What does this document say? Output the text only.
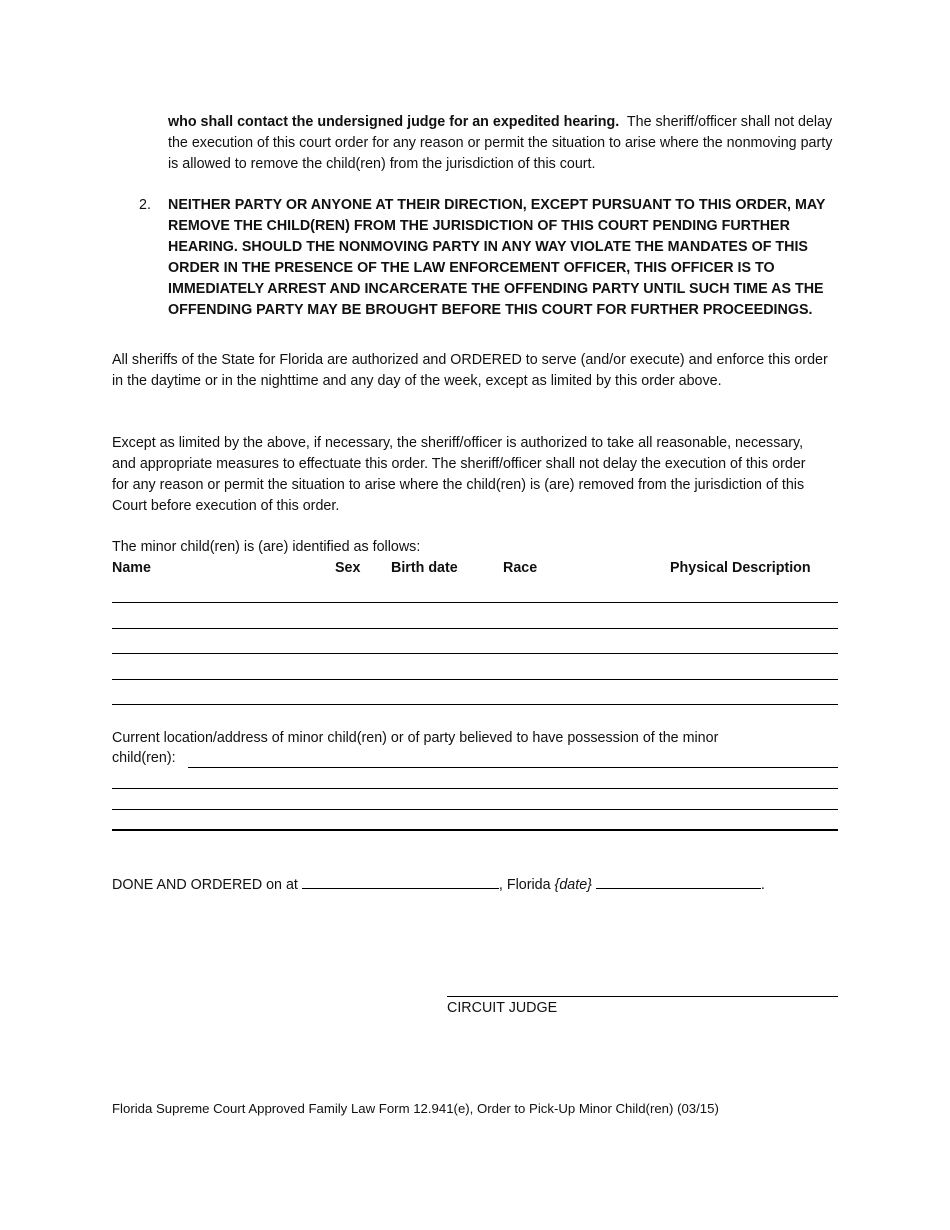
who shall contact the undersigned judge for an expedited hearing. The sheriff/officer shall not delay the execution of this court order for any reason or permit the situation to arise where the nonmoving party is allowed to remove the child(ren) from the jurisdiction of this court.

2. NEITHER PARTY OR ANYONE AT THEIR DIRECTION, EXCEPT PURSUANT TO THIS ORDER, MAY REMOVE THE CHILD(REN) FROM THE JURISDICTION OF THIS COURT PENDING FURTHER HEARING. SHOULD THE NONMOVING PARTY IN ANY WAY VIOLATE THE MANDATES OF THIS ORDER IN THE PRESENCE OF THE LAW ENFORCEMENT OFFICER, THIS OFFICER IS TO IMMEDIATELY ARREST AND INCARCERATE THE OFFENDING PARTY UNTIL SUCH TIME AS THE OFFENDING PARTY MAY BE BROUGHT BEFORE THIS COURT FOR FURTHER PROCEEDINGS.

All sheriffs of the State for Florida are authorized and ORDERED to serve (and/or execute) and enforce this order in the daytime or in the nighttime and any day of the week, except as limited by this order above.

Except as limited by the above, if necessary, the sheriff/officer is authorized to take all reasonable, necessary, and appropriate measures to effectuate this order. The sheriff/officer shall not delay the execution of this order for any reason or permit the situation to arise where the child(ren) is (are) removed from the jurisdiction of this Court before execution of this order.

The minor child(ren) is (are) identified as follows:
Name	Sex Birth date	Race	Physical Description
Current location/address of minor child(ren) or of party believed to have possession of the minor
child(ren):
DONE AND ORDERED on at	, Florida {date}	.
CIRCUIT JUDGE
Florida Supreme Court Approved Family Law Form 12.941(e), Order to Pick-Up Minor Child(ren) (03/15)
